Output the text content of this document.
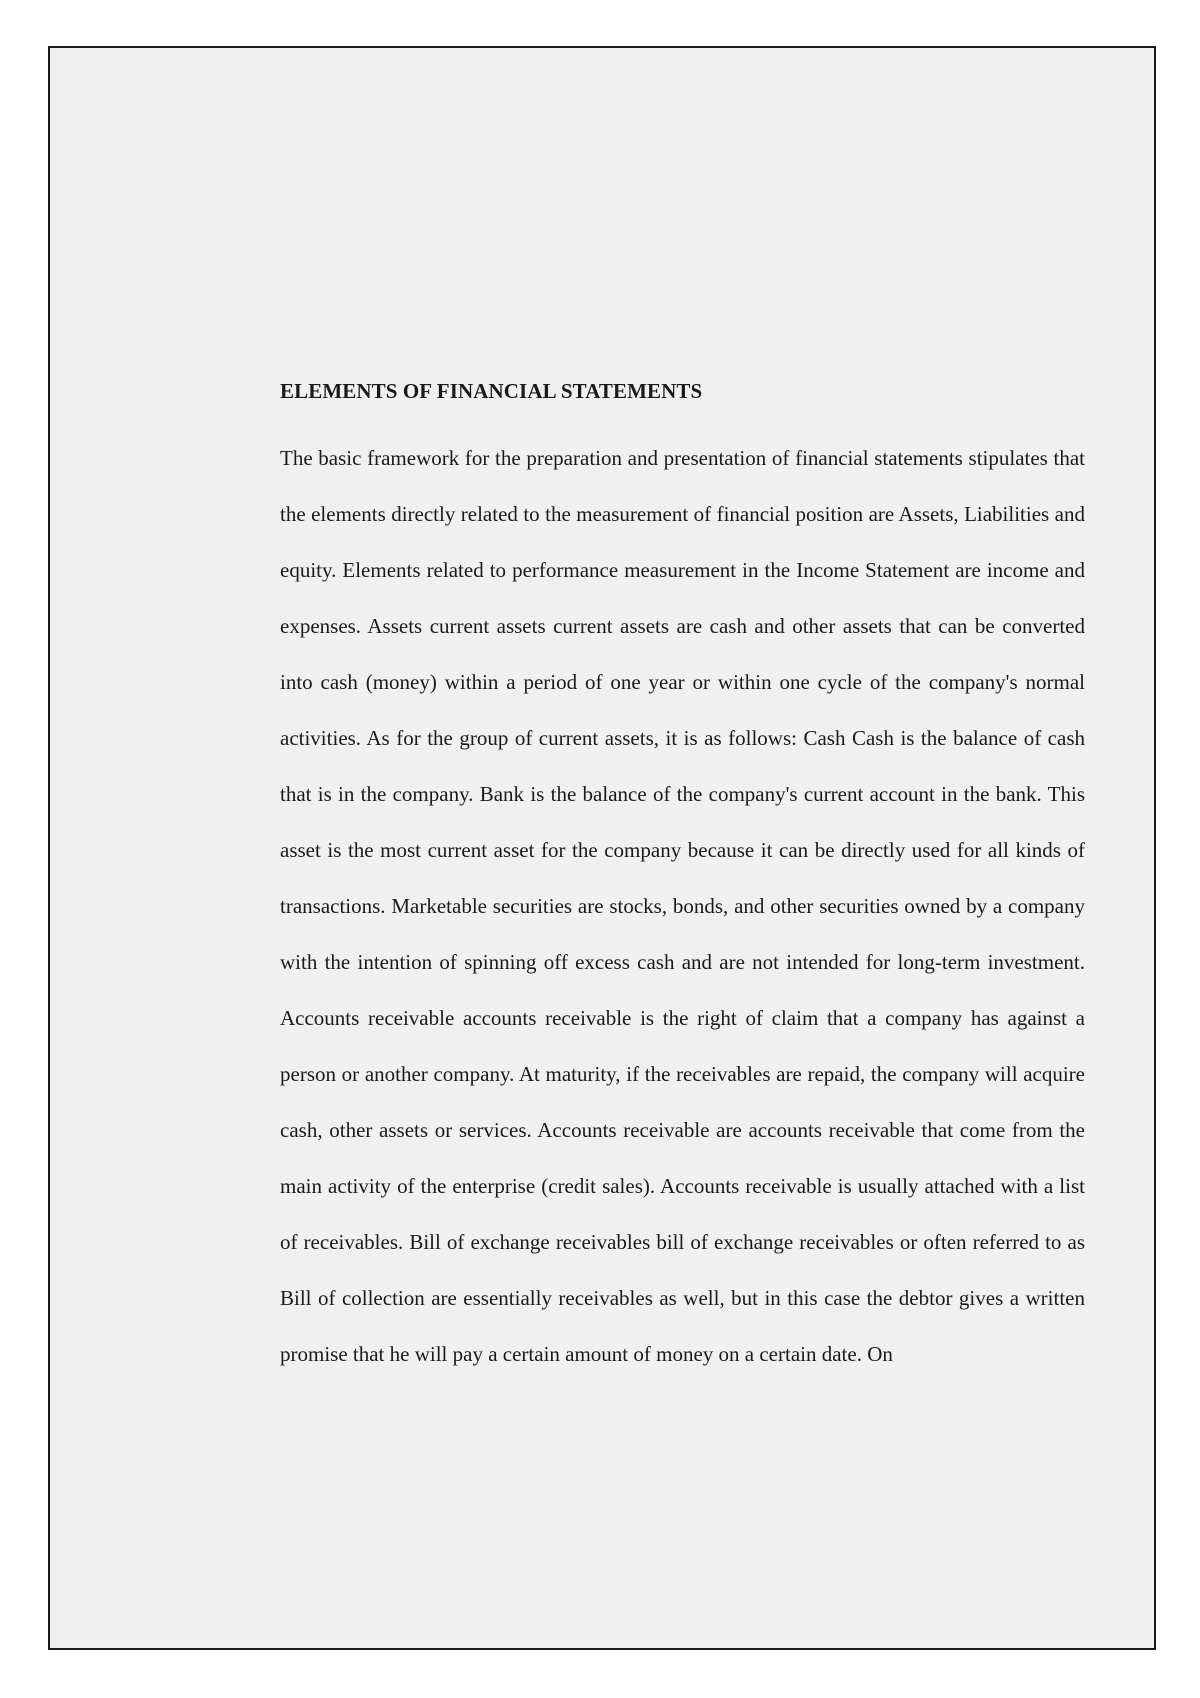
ELEMENTS OF FINANCIAL STATEMENTS

The basic framework for the preparation and presentation of financial statements stipulates that the elements directly related to the measurement of financial position are Assets, Liabilities and equity. Elements related to performance measurement in the Income Statement are income and expenses. Assets current assets current assets are cash and other assets that can be converted into cash (money) within a period of one year or within one cycle of the company's normal activities. As for the group of current assets, it is as follows: Cash Cash is the balance of cash that is in the company. Bank is the balance of the company's current account in the bank. This asset is the most current asset for the company because it can be directly used for all kinds of transactions. Marketable securities are stocks, bonds, and other securities owned by a company with the intention of spinning off excess cash and are not intended for long-term investment. Accounts receivable accounts receivable is the right of claim that a company has against a person or another company. At maturity, if the receivables are repaid, the company will acquire cash, other assets or services. Accounts receivable are accounts receivable that come from the main activity of the enterprise (credit sales). Accounts receivable is usually attached with a list of receivables. Bill of exchange receivables bill of exchange receivables or often referred to as Bill of collection are essentially receivables as well, but in this case the debtor gives a written promise that he will pay a certain amount of money on a certain date. On
